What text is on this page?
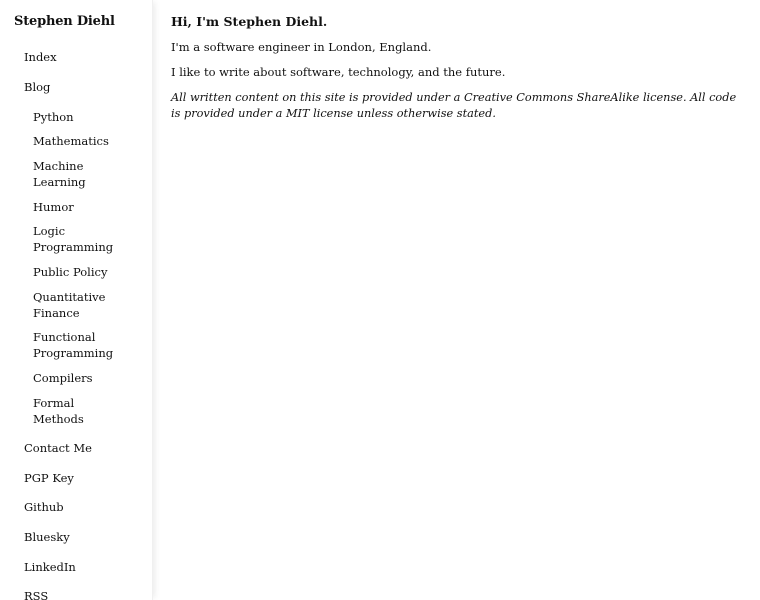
Stephen Diehl
Index
Blog
Python
Mathematics
Machine
Learning
Humor
Logic
Programming
Public Policy
Quantitative
Finance
Functional
Programming
Compilers
Formal
Methods
Contact Me
PGP Key
Github
Bluesky
LinkedIn
RSS

Hi, I'm Stephen Diehl.

I'm a software engineer in London, England.

I like to write about software, technology, and the future.

All written content on this site is provided under a Creative Commons ShareAlike license. All code is provided under a MIT license unless otherwise stated.
